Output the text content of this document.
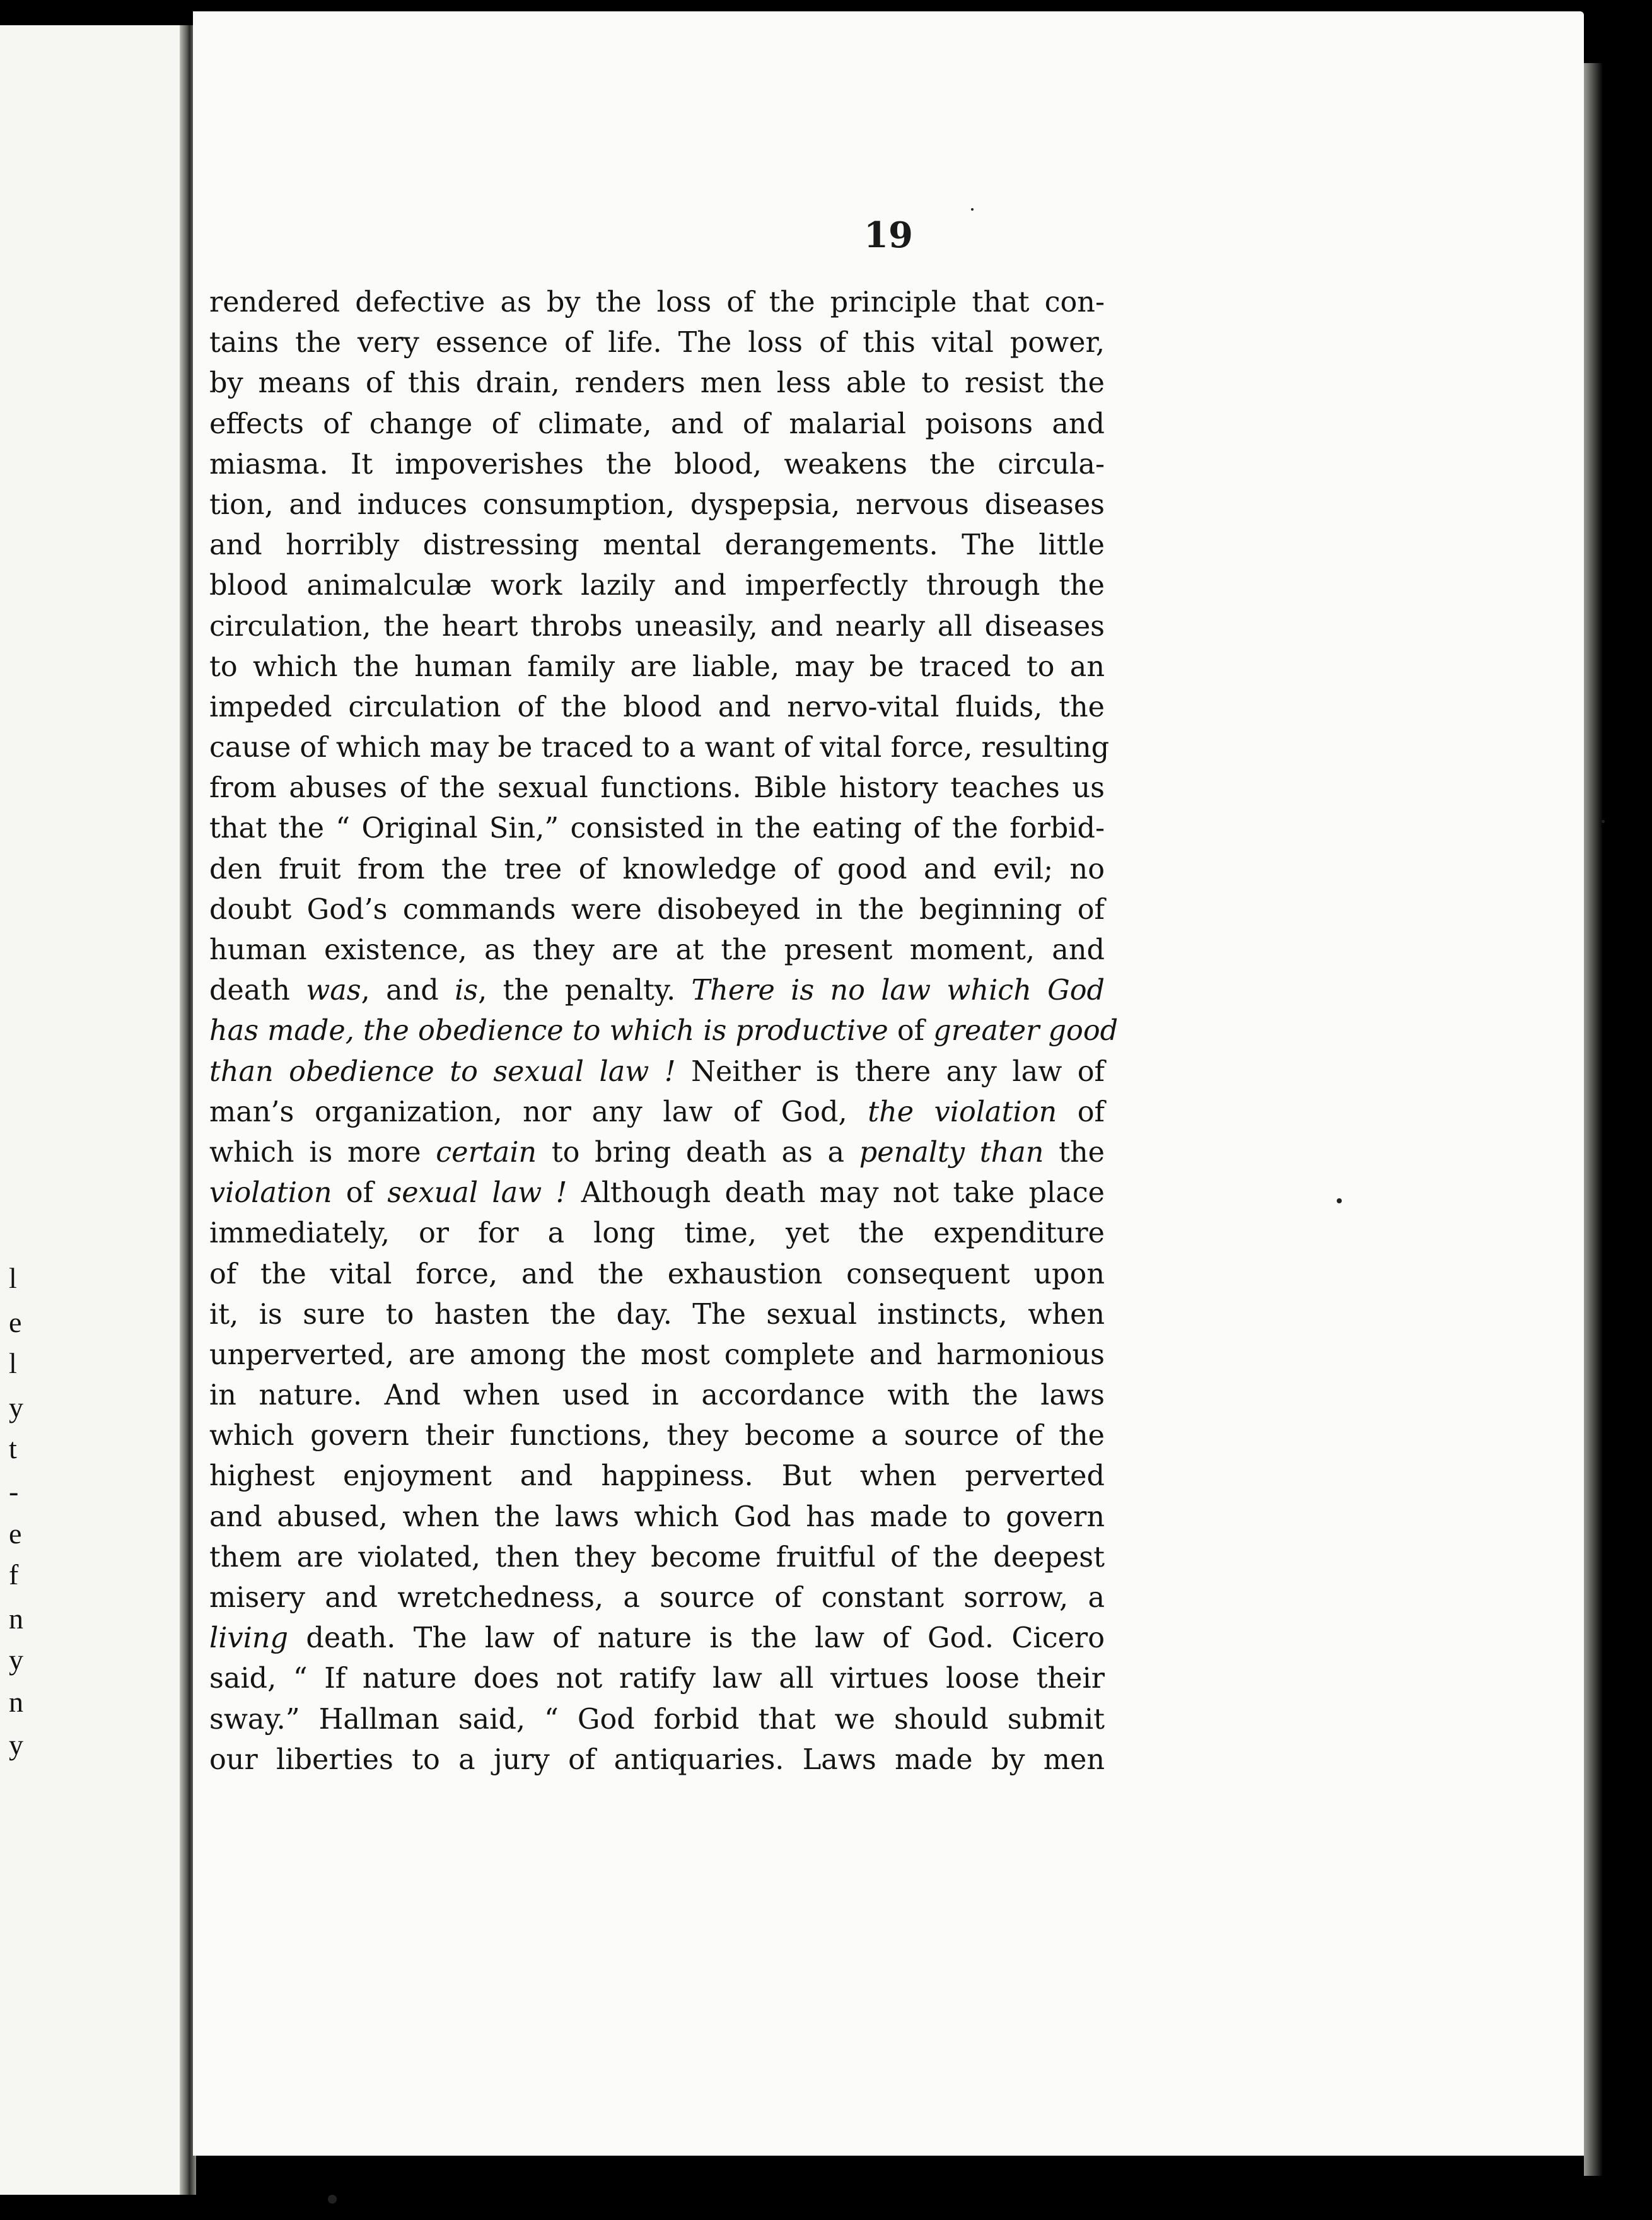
l
e
l
y
t
-
e
f
n
y
n
y
19
rendered defective as by the loss of the principle that con-
tains the very essence of life. The loss of this vital power,
by means of this drain, renders men less able to resist the
effects of change of climate, and of malarial poisons and
miasma. It impoverishes the blood, weakens the circula-
tion, and induces consumption, dyspepsia, nervous diseases
and horribly distressing mental derangements. The little
blood animalculæ work lazily and imperfectly through the
circulation, the heart throbs uneasily, and nearly all diseases
to which the human family are liable, may be traced to an
impeded circulation of the blood and nervo-vital fluids, the
cause of which may be traced to a want of vital force, resulting
from abuses of the sexual functions. Bible history teaches us
that the “ Original Sin,” consisted in the eating of the forbid-
den fruit from the tree of knowledge of good and evil; no
doubt God’s commands were disobeyed in the beginning of
human existence, as they are at the present moment, and
death was, and is, the penalty. There is no law which God
has made, the obedience to which is productive of greater good
than obedience to sexual law ! Neither is there any law of
man’s organization, nor any law of God, the violation of
which is more certain to bring death as a penalty than the
violation of sexual law ! Although death may not take place
immediately, or for a long time, yet the expenditure
of the vital force, and the exhaustion consequent upon
it, is sure to hasten the day. The sexual instincts, when
unperverted, are among the most complete and harmonious
in nature. And when used in accordance with the laws
which govern their functions, they become a source of the
highest enjoyment and happiness. But when perverted
and abused, when the laws which God has made to govern
them are violated, then they become fruitful of the deepest
misery and wretchedness, a source of constant sorrow, a
living death. The law of nature is the law of God. Cicero
said, “ If nature does not ratify law all virtues loose their
sway.” Hallman said, “ God forbid that we should submit
our liberties to a jury of antiquaries. Laws made by men
